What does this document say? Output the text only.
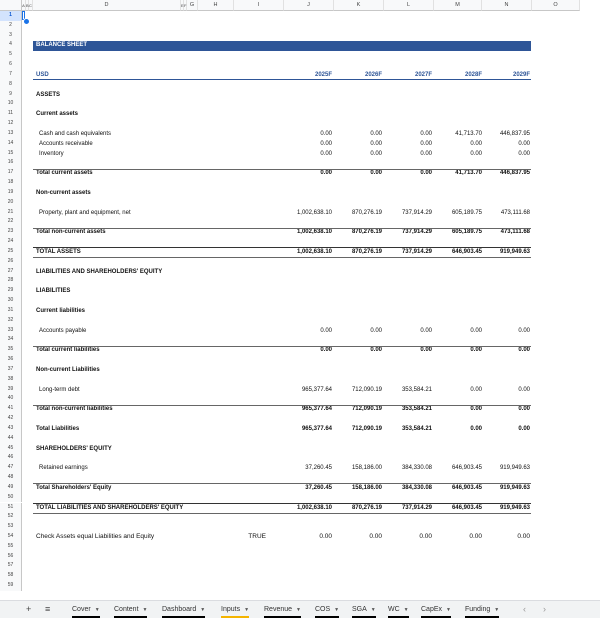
A B C	D	E F G	H	I	J	K	L	M	N	O
1
2
3
4
5
6
7
8
9
10
11
12
13
14
15
16
17
18
19
20
21
22
23
24
25
26
27
28
29
30
31
32
33
34
35
36
37
38
39
40
41
42
43
44
45
46
47
48
49
50
51
52
53
54
55
56
57
58
59
BALANCE SHEET
USD	2025F	2026F	2027F	2028F	2029F
ASSETS
Current assets
Cash and cash equivalents	0.00	0.00	0.00	41,713.70	446,837.95
Accounts receivable	0.00	0.00	0.00	0.00	0.00
Inventory	0.00	0.00	0.00	0.00	0.00
Total current assets	0.00	0.00	0.00	41,713.70	446,837.95
Non-current assets
Property, plant and equipment, net	1,002,638.10	870,276.19	737,914.29	605,189.75	473,111.68
Total non-current assets	1,002,638.10	870,276.19	737,914.29	605,189.75	473,111.68
TOTAL ASSETS	1,002,638.10	870,276.19	737,914.29	646,903.45	919,949.63
LIABILITIES AND SHAREHOLDERS' EQUITY
LIABILITIES
Current liabilities
Accounts payable	0.00	0.00	0.00	0.00	0.00
Total current liabilities	0.00	0.00	0.00	0.00	0.00
Non-current Liabilities
Long-term debt	965,377.64	712,090.19	353,584.21	0.00	0.00
Total non-current liabilities	965,377.64	712,090.19	353,584.21	0.00	0.00
Total Liabilities	965,377.64	712,090.19	353,584.21	0.00	0.00
SHAREHOLDERS' EQUITY
Retained earnings	37,260.45	158,186.00	384,330.08	646,903.45	919,949.63
Total Shareholders' Equity	37,260.45	158,186.00	384,330.08	646,903.45	919,949.63
TOTAL LIABILITIES AND SHAREHOLDERS' EQUITY	1,002,638.10	870,276.19	737,914.29	646,903.45	919,949.63
Check Assets equal Liabilities and Equity	TRUE	0.00	0.00	0.00	0.00	0.00
+ ≡	Cover ▼ Content ▼ Dashboard ▼ Inputs ▼ Revenue ▼ COS ▼ SGA ▼ WC ▼ CapEx ▼ Funding ▼	‹ ›
